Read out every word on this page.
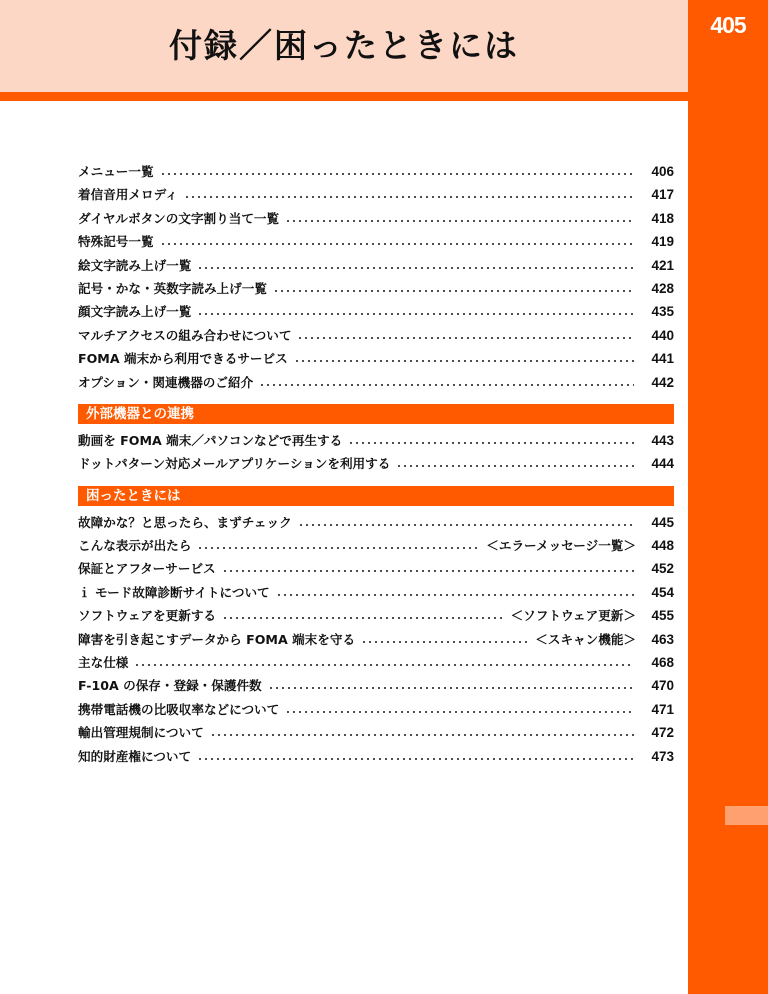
付録／困ったときには
405
メニュー一覧	406
着信音用メロディ	417
ダイヤルボタンの文字割り当て一覧	418
特殊記号一覧	419
絵文字読み上げ一覧	421
記号・かな・英数字読み上げ一覧	428
顔文字読み上げ一覧	435
マルチアクセスの組み合わせについて	440
FOMA 端末から利用できるサービス	441
オプション・関連機器のご紹介	442
外部機器との連携
動画を FOMA 端末／パソコンなどで再生する	443
ドットパターン対応メールアプリケーションを利用する	444
困ったときには
故障かな？と思ったら、まずチェック	445
こんな表示が出たら	＜エラーメッセージ一覧＞	448
保証とアフターサービス	452
ｉ モード故障診断サイトについて	454
ソフトウェアを更新する	＜ソフトウェア更新＞	455
障害を引き起こすデータから FOMA 端末を守る	＜スキャン機能＞	463
主な仕様	468
F-10A の保存・登録・保護件数	470
携帯電話機の比吸収率などについて	471
輸出管理規制について	472
知的財産権について	473
